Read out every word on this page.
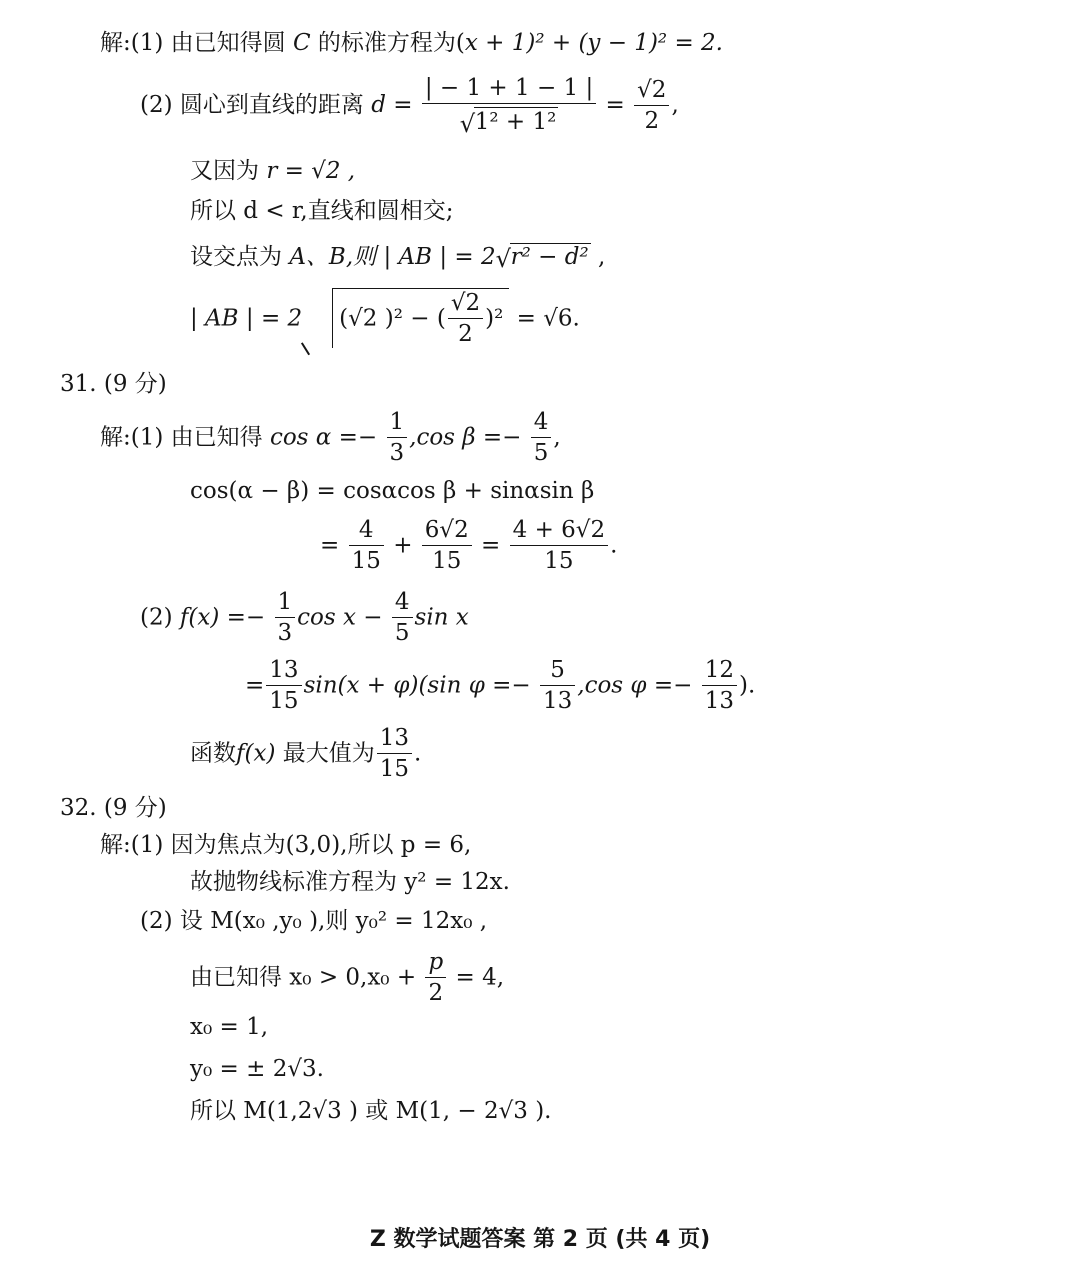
解:(1) 由已知得圆 C 的标准方程为(x + 1)² + (y − 1)² = 2.
(2) 圆心到直线的距离 d = | − 1 + 1 − 1 |
√ $1^2 + 1^2 = \frac{√2}{2}$ ,
又因为 r = √2 ,
所以 d < r,直线和圆相交;
设交点为 A、B,则 | AB | = 2√ r² − d² ,
| AB | = 2 (√2 )² − ( $\frac{√2}{2} )^2 = √6$.
31. (9 分)
解:(1) 由已知得 $\cos \alpha =- \frac{1}{3} ,\cos$ $\beta =- \frac{4}{5}$ ,
cos(α − β) = cosαcos β + sinαsin β
= $\frac{4}{15} + \frac{6√2}{15} = \frac{4 + 6√2}{15}$ .
(2) $f(x) =- \frac{1}{3}$ $\cos x - \frac{4}{5}$ sin x
= $\frac{13}{15} \sin(x + \varphi)(\sin$ $\varphi =- \frac{5}{13} ,\cos$ $\varphi =- \frac{12}{13}$ ).
函数f(x) 最大值为 $\frac{13}{15}$ .
32. (9 分)
解:(1) 因为焦点为(3,0),所以 p = 6,
故抛物线标准方程为 y² = 12x.
(2) 设 M(x₀ ,y₀ ),则 y₀² = 12x₀ ,
由已知得 $x_0 > 0,x_0 + \frac{p}{2} = 4$,
x₀ = 1,
y₀ = ± 2√3.
所以 M(1,2√3 ) 或 M(1, − 2√3 ).
Z 数学试题答案 第 2 页 (共 4 页)
